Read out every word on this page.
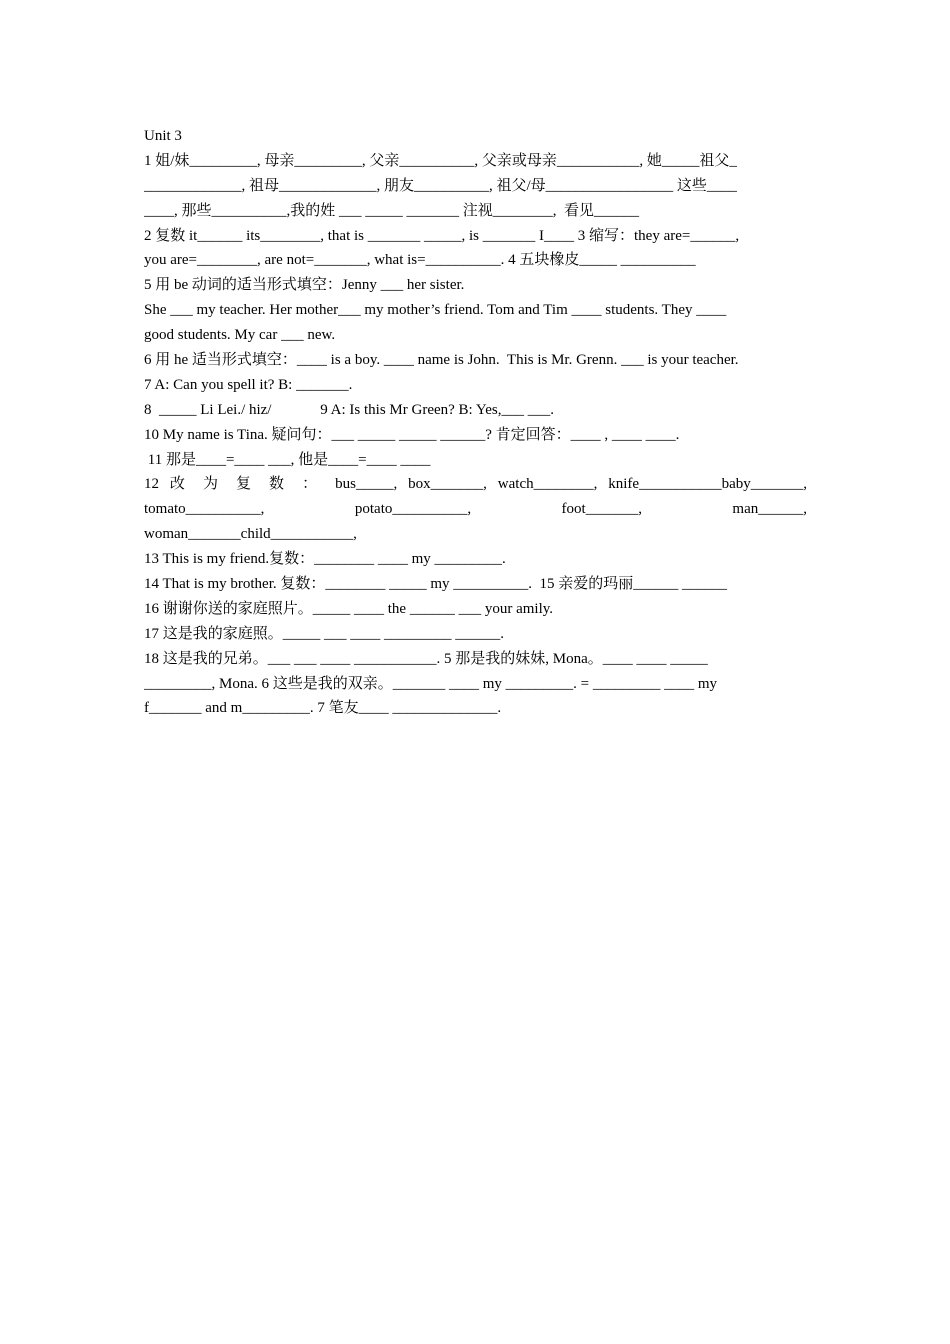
Unit 3
1 姐/妹_________, 母亲_________, 父亲__________, 父亲或母亲___________, 她_____祖父_
_____________, 祖母_____________, 朋友__________, 祖父/母_________________ 这些____
____, 那些__________,我的姓 ___ _____ _______ 注视________,  看见______
2 复数 it______ its________, that is _______ _____, is _______ I____ 3 缩写：they are=______,
you are=________, are not=_______, what is=__________. 4 五块橡皮_____ __________
5 用 be 动词的适当形式填空：Jenny ___ her sister.
She ___ my teacher. Her mother___ my mother’s friend. Tom and Tim ____ students. They ____
good students. My car ___ new.
6 用 he 适当形式填空：____ is a boy. ____ name is John.  This is Mr. Grenn. ___ is your teacher.
7 A: Can you spell it? B: _______.
8  _____ Li Lei./ hiz/             9 A: Is this Mr Green? B: Yes,___ ___.
10 My name is Tina. 疑问句：___ _____ _____ ______? 肯定回答：____ , ____ ____.
11 那是____=____ ___, 他是____=____ ____
12 改 为 复 数 ： bus_____, box_______, watch________, knife___________baby_______,
tomato__________, potato__________, foot_______, man______,
woman_______child___________,
13 This is my friend.复数：________ ____ my _________.
14 That is my brother. 复数：________ _____ my __________.  15 亲爱的玛丽______ ______
16 谢谢你送的家庭照片。_____ ____ the ______ ___ your amily.
17 这是我的家庭照。_____ ___ ____ _________ ______.
18 这是我的兄弟。___ ___ ____ ___________. 5 那是我的妹妹, Mona。____ ____ _____
_________, Mona. 6 这些是我的双亲。_______ ____ my _________. = _________ ____ my
f_______ and m_________. 7 笔友____ ______________.
